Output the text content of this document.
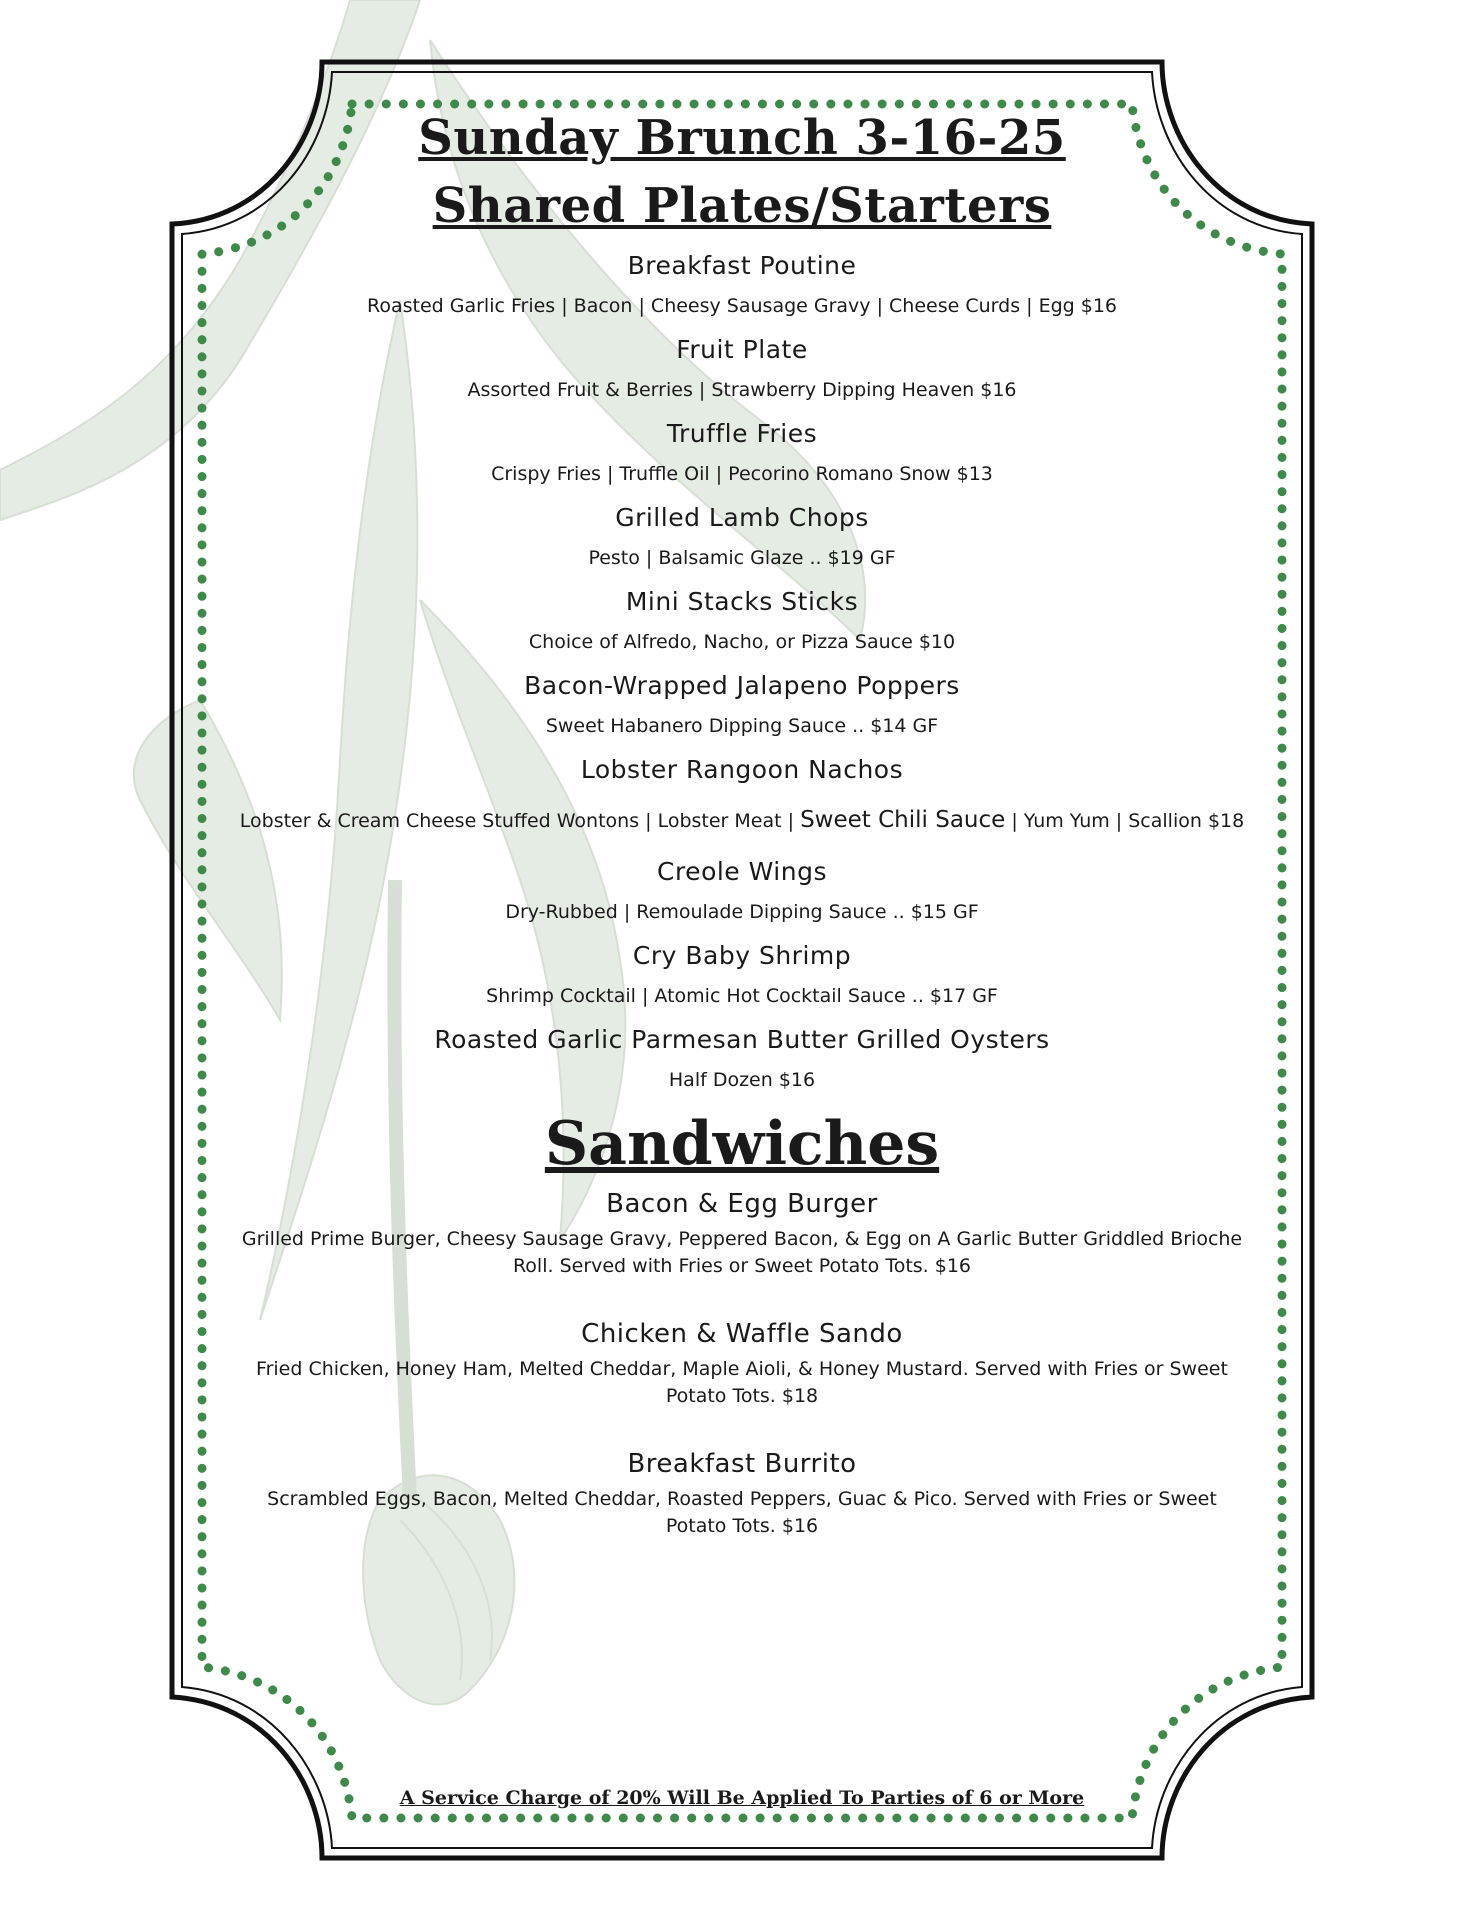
Sunday Brunch 3-16-25
Shared Plates/Starters

Breakfast Poutine

Roasted Garlic Fries | Bacon | Cheesy Sausage Gravy | Cheese Curds | Egg $16

Fruit Plate

Assorted Fruit & Berries | Strawberry Dipping Heaven $16

Truffle Fries

Crispy Fries | Truffle Oil | Pecorino Romano Snow $13

Grilled Lamb Chops

Pesto | Balsamic Glaze .. $19 GF

Mini Stacks Sticks

Choice of Alfredo, Nacho, or Pizza Sauce $10

Bacon-Wrapped Jalapeno Poppers

Sweet Habanero Dipping Sauce .. $14 GF

Lobster Rangoon Nachos

Lobster & Cream Cheese Stuffed Wontons | Lobster Meat | Sweet Chili Sauce | Yum Yum | Scallion $18

Creole Wings

Dry-Rubbed | Remoulade Dipping Sauce .. $15 GF

Cry Baby Shrimp

Shrimp Cocktail | Atomic Hot Cocktail Sauce .. $17 GF

Roasted Garlic Parmesan Butter Grilled Oysters

Half Dozen $16

Sandwiches

Bacon & Egg Burger

Grilled Prime Burger, Cheesy Sausage Gravy, Peppered Bacon, & Egg on A Garlic Butter Griddled Brioche Roll. Served with Fries or Sweet Potato Tots. $16

Chicken & Waffle Sando

Fried Chicken, Honey Ham, Melted Cheddar, Maple Aioli, & Honey Mustard. Served with Fries or Sweet Potato Tots. $18

Breakfast Burrito

Scrambled Eggs, Bacon, Melted Cheddar, Roasted Peppers, Guac & Pico. Served with Fries or Sweet Potato Tots. $16

A Service Charge of 20% Will Be Applied To Parties of 6 or More
